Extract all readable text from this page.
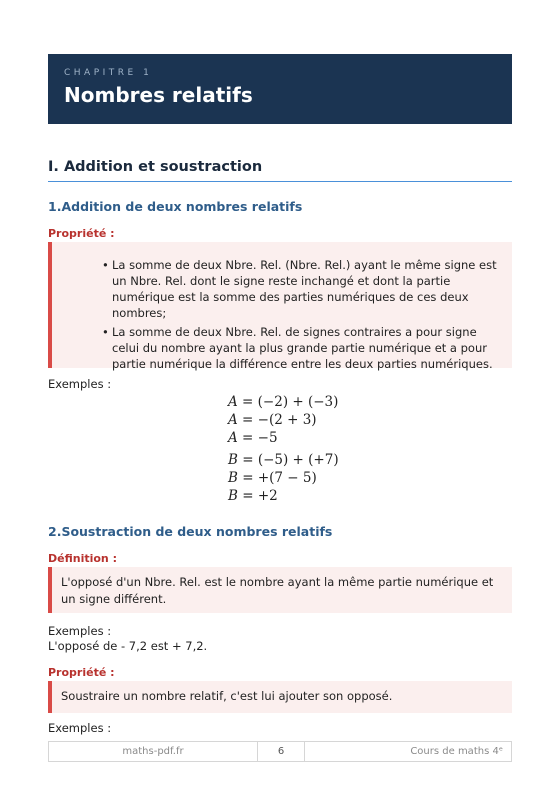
CHAPITRE 1
Nombres relatifs
I. Addition et soustraction
1.Addition de deux nombres relatifs
Propriété :
• La somme de deux Nbre. Rel. (Nbre. Rel.) ayant le même signe est un Nbre. Rel. dont le signe reste inchangé et dont la partie numérique est la somme des parties numériques de ces deux nombres;
• La somme de deux Nbre. Rel. de signes contraires a pour signe celui du nombre ayant la plus grande partie numérique et a pour partie numérique la différence entre les deux parties numériques.
Exemples :
A = (−2) + (−3)
A = −(2 + 3)
A = −5
B = (−5) + (+7)
B = +(7 − 5)
B = +2
2.Soustraction de deux nombres relatifs
Définition :

L'opposé d'un Nbre. Rel. est le nombre ayant la même partie numérique et un signe différent.

Exemples :
L'opposé de - 7,2 est + 7,2.
Propriété :

Soustraire un nombre relatif, c'est lui ajouter son opposé.

Exemples :
maths-pdf.fr	6	Cours de maths 4ᵉ
